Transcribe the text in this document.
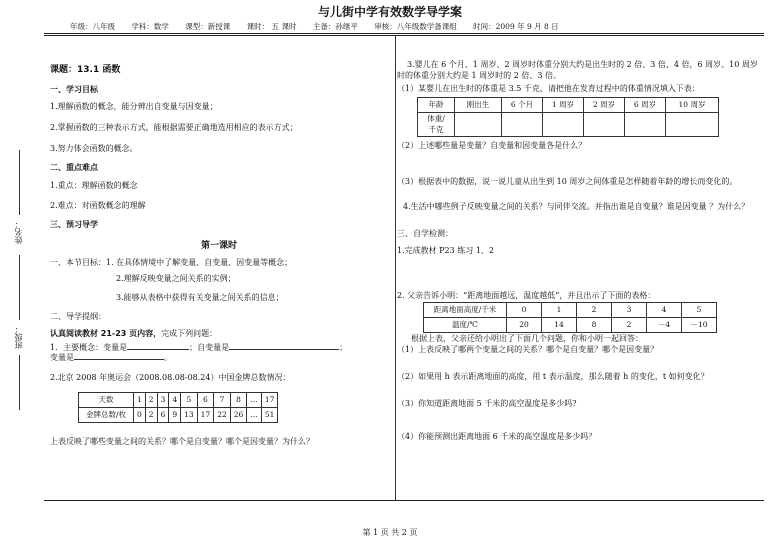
与儿街中学有效数学导学案
年级：八年级 学科：数学 课型：新授课 课时： 五 课时 主备：孙继平 审核：八年级数学备课组 时间：2009 年 9 月 8 日
姓名：
班级：

课题：13.1 函数

一、学习目标

1.理解函数的概念，能分辨出自变量与因变量；

2.掌握函数的三种表示方式，能根据需要正确地选用相应的表示方式；

3.努力体会函数的概念。

二、重点难点

1.重点：理解函数的概念

2.难点：对函数概念的理解

三、预习导学

第一课时

一、本节目标：1. 在具体情境中了解变量、自变量、因变量等概念；

2.理解反映变量之间关系的实例；

3.能够从表格中获得有关变量之间关系的信息；

二、导学提纲：

认真阅读教材 21-23 页内容，完成下列问题：

1．主要概念：变量是	；自变量是	；

变量是	。

2.北京 2008 年奥运会（2008.08.08-08.24）中国金牌总数情况：

天数	1	2	3	4	5	6	7	8	…	17
金牌总数/枚	0	2	6	9	13	17	22	26	…	51

上表反映了哪些变量之间的关系？哪个是自变量？哪个是因变量？为什么？

3.婴儿在 6 个月、1 周岁、2 周岁时体重分别大约是出生时的 2 倍、3 倍、4 倍，6 周岁、10 周岁时的体重分别大约是 1 周岁时的 2 倍、3 倍。

（1）某婴儿在出生时的体重是 3.5 千克，请把他在发育过程中的体重情况填入下表：

年龄	刚出生	6 个月	1 周岁	2 周岁	6 周岁	10 周岁
体重/
千克						

（2）上述哪些量是变量？自变量和因变量各是什么？

（3）根据表中的数据，说一说儿童从出生到 10 周岁之间体重是怎样随着年龄的增长而变化的。

4.生活中哪些例子反映变量之间的关系？与同伴交流。并指出谁是自变量？谁是因变量 ？为什么？

三、自学检测：

1.完成教材 P23 练习 1、2

2. 父亲告诉小明：“距离地面越远，温度越低”，并且出示了下面的表格：

距离地面高度/千米	0	1	2	3	4	5
温度/℃	20	14	8	2	－4	－10

根据上表，父亲还给小明出了下面几个问题，你和小明一起回答：

（1）上表反映了哪两个变量之间的关系？哪个是自变量？哪个是因变量？

（2）如果用 h 表示距离地面的高度，用 t 表示温度，那么随着 h 的变化，t 如何变化？

（3）你知道距离地面 5 千米的高空温度是多少吗?

（4）你能预测出距离地面 6 千米的高空温度是多少吗？

第 1 页 共 2 页
